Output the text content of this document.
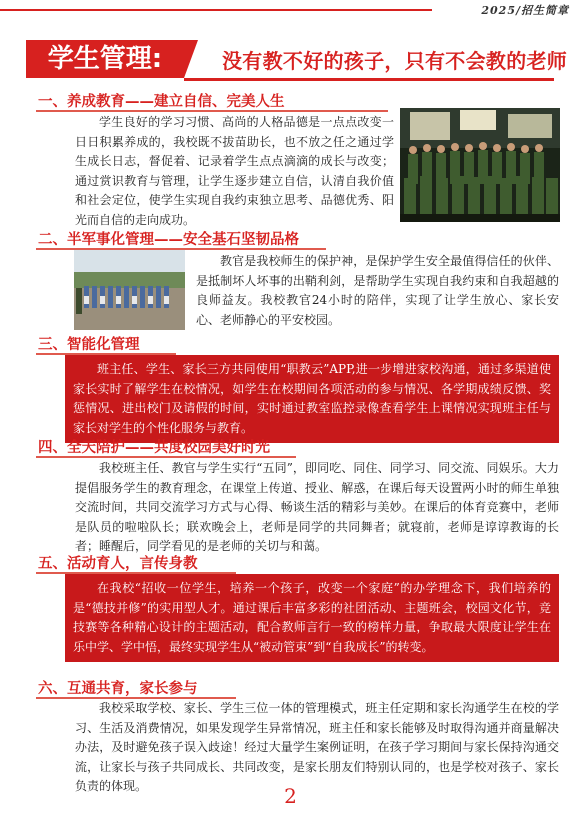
2025/招生简章
学生管理:	没有教不好的孩子，只有不会教的老师
一、养成教育——建立自信、完美人生
学生良好的学习习惯、高尚的人格品德是一点点改变一日日积累养成的，我校既不拔苗助长，也不放之任之通过学生成长日志，督促着、记录着学生点点滴滴的成长与改变；通过赏识教育与管理，让学生逐步建立自信，认清自我价值和社会定位，使学生实现自我约束独立思考、品德优秀、阳光而自信的走向成功。
二、半军事化管理——安全基石坚韧品格
教官是我校师生的保护神，是保护学生安全最值得信任的伙伴、是抵制坏人坏事的出鞘利剑，是帮助学生实现自我约束和自我超越的良师益友。我校教官24小时的陪伴，实现了让学生放心、家长安心、老师静心的平安校园。
三、智能化管理
班主任、学生、家长三方共同使用“职教云”APP,进一步增进家校沟通，通过多渠道使家长实时了解学生在校情况，如学生在校期间各项活动的参与情况、各学期成绩反馈、奖惩情况、进出校门及请假的时间，实时通过教室监控录像查看学生上课情况实现班主任与家长对学生的个性化服务与教育。
四、全天陪护——共度校园美好时光
我校班主任、教官与学生实行“五同”，即同吃、同住、同学习、同交流、同娱乐。大力提倡服务学生的教育理念，在课堂上传道、授业、解惑，在课后每天设置两小时的师生单独交流时间，共同交流学习方式与心得、畅谈生活的精彩与美妙。在课后的体育竞赛中，老师是队员的啦啦队长；联欢晚会上，老师是同学的共同舞者；就寝前，老师是谆谆教诲的长者；睡醒后，同学看见的是老师的关切与和蔼。
五、活动育人，言传身教
在我校“招收一位学生，培养一个孩子，改变一个家庭”的办学理念下，我们培养的是“德技并修”的实用型人才。通过课后丰富多彩的社团活动、主题班会，校园文化节，竞技赛等各种精心设计的主题活动，配合教师言行一致的榜样力量，争取最大限度让学生在乐中学、学中悟，最终实现学生从“被动管束”到“自我成长”的转变。
六、互通共育，家长参与
我校采取学校、家长、学生三位一体的管理模式，班主任定期和家长沟通学生在校的学习、生活及消费情况，如果发现学生异常情况，班主任和家长能够及时取得沟通并商量解决办法，及时避免孩子误入歧途！经过大量学生案例证明，在孩子学习期间与家长保持沟通交流，让家长与孩子共同成长、共同改变，是家长朋友们特别认同的，也是学校对孩子、家长负责的体现。	2
